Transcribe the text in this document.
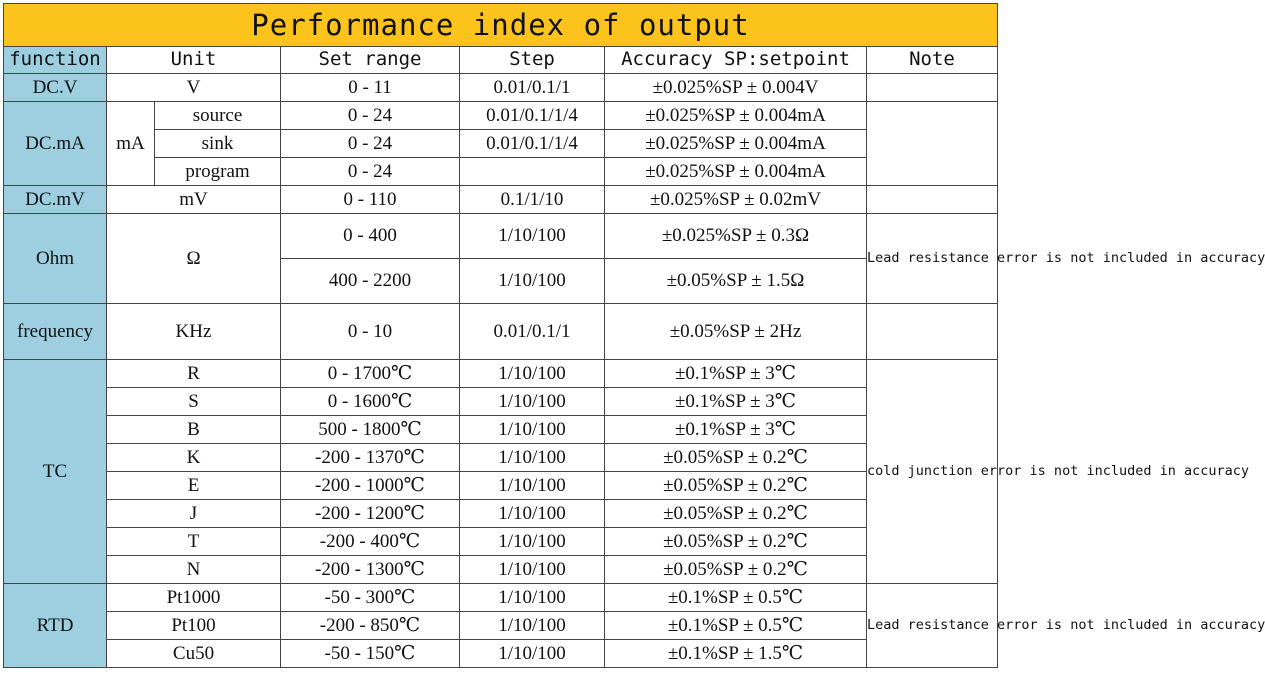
Performance index of output						
function	Unit		Set range	Step	Accuracy SP:setpoint	Note
DC.V	V		0 - 11	0.01/0.1/1	±0.025%SP ± 0.004V	
DC.mA	mA	source	0 - 24	0.01/0.1/1/4	±0.025%SP ± 0.004mA	
		sink	0 - 24	0.01/0.1/1/4	±0.025%SP ± 0.004mA	
		program	0 - 24		±0.025%SP ± 0.004mA	
DC.mV	mV		0 - 110	0.1/1/10	±0.025%SP ± 0.02mV	
Ohm	Ω		0 - 400	1/10/100	±0.025%SP ± 0.3Ω	Lead resistance error is not included in accuracy
			400 - 2200	1/10/100	±0.05%SP ± 1.5Ω	
frequency	KHz		0 - 10	0.01/0.1/1	±0.05%SP ± 2Hz	
TC	R		0 - 1700℃	1/10/100	±0.1%SP ± 3℃	cold junction error is not included in accuracy
	S		0 - 1600℃	1/10/100	±0.1%SP ± 3℃	
	B		500 - 1800℃	1/10/100	±0.1%SP ± 3℃	
	K		-200 - 1370℃	1/10/100	±0.05%SP ± 0.2℃	
	E		-200 - 1000℃	1/10/100	±0.05%SP ± 0.2℃	
	J		-200 - 1200℃	1/10/100	±0.05%SP ± 0.2℃	
	T		-200 - 400℃	1/10/100	±0.05%SP ± 0.2℃	
	N		-200 - 1300℃	1/10/100	±0.05%SP ± 0.2℃	
RTD	Pt1000		-50 - 300℃	1/10/100	±0.1%SP ± 0.5℃	Lead resistance error is not included in accuracy
	Pt100		-200 - 850℃	1/10/100	±0.1%SP ± 0.5℃	
	Cu50		-50 - 150℃	1/10/100	±0.1%SP ± 1.5℃	
